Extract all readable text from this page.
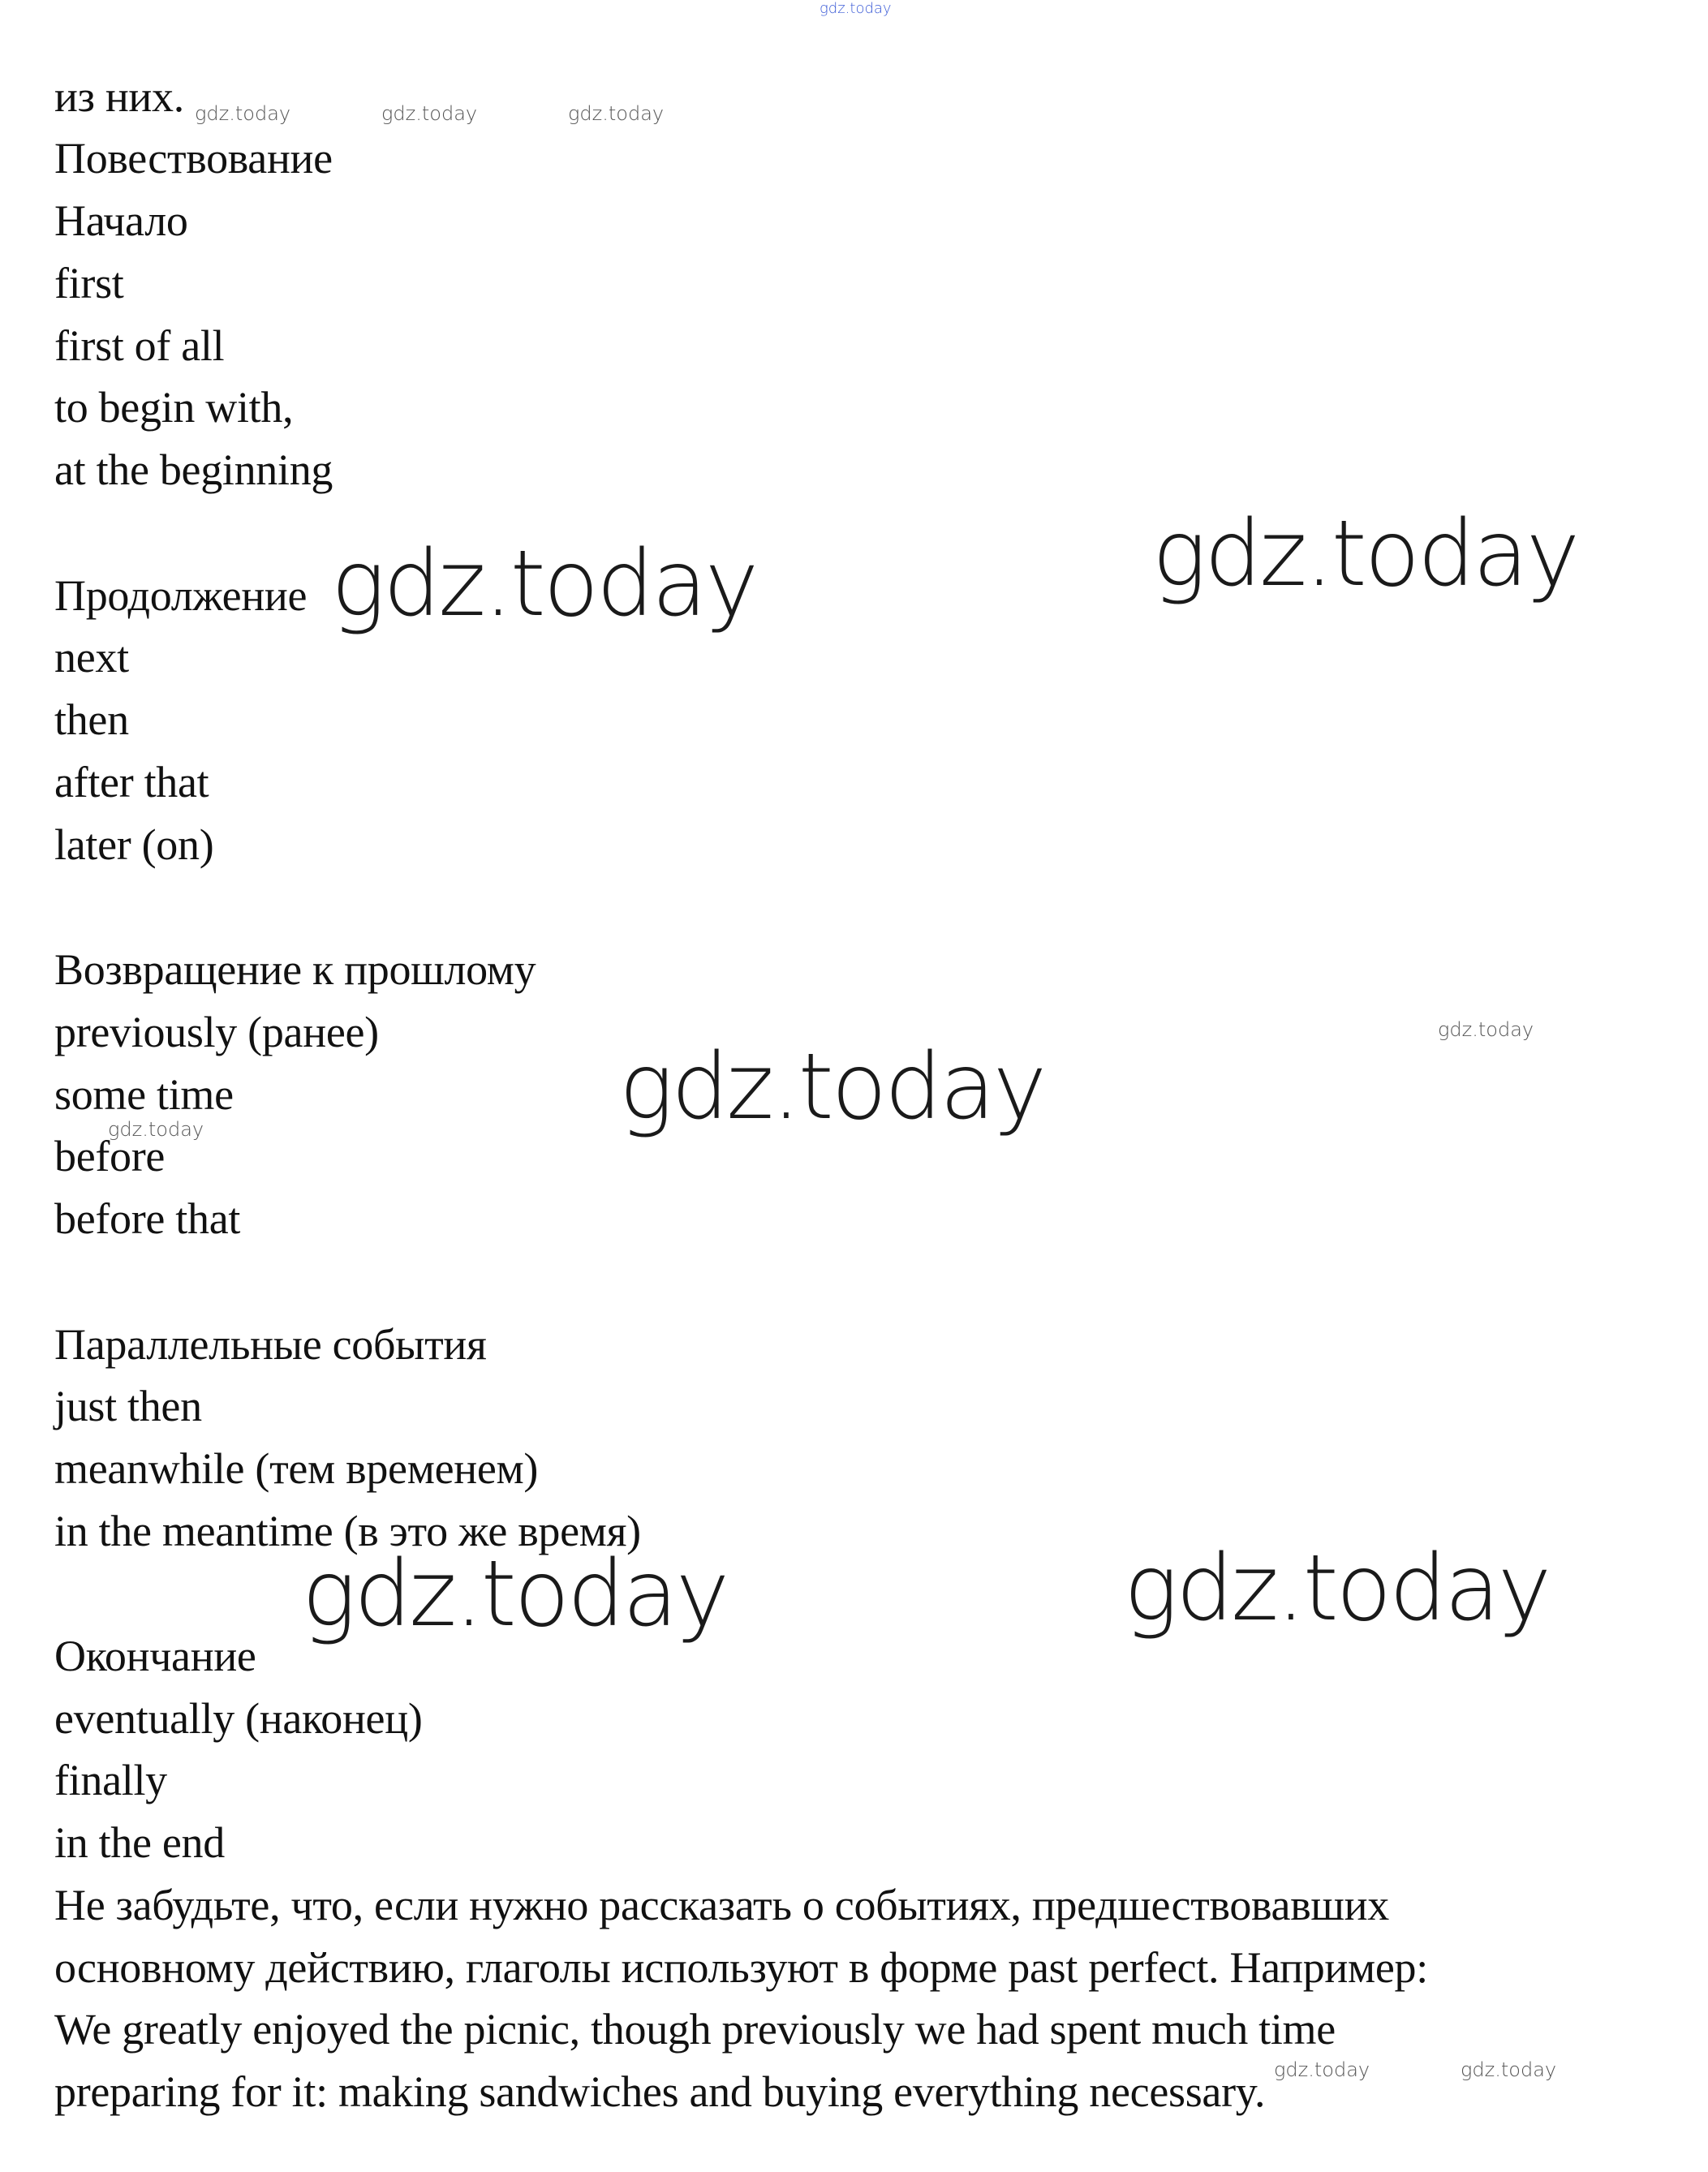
gdz.today
из них.
Повествование
Начало
first
first of all
to begin with,
at the beginning
Продолжение
next
then
after that
later (on)
Возвращение к прошлому
previously (ранее)
some time
before
before that
Параллельные события
just then
meanwhile (тем временем)
in the meantime (в это же время)
Окончание
eventually (наконец)
finally
in the end
Не забудьте, что, если нужно рассказать о событиях, предшествовавших
основному действию, глаголы используют в форме past perfect. Например:
We greatly enjoyed the picnic, though previously we had spent much time
preparing for it: making sandwiches and buying everything necessary.
gdz.today	gdz.today
gdz.today
gdz.today	gdz.today
gdz.today	gdz.today	gdz.today
gdz.today
gdz.today
gdz.today	gdz.today
